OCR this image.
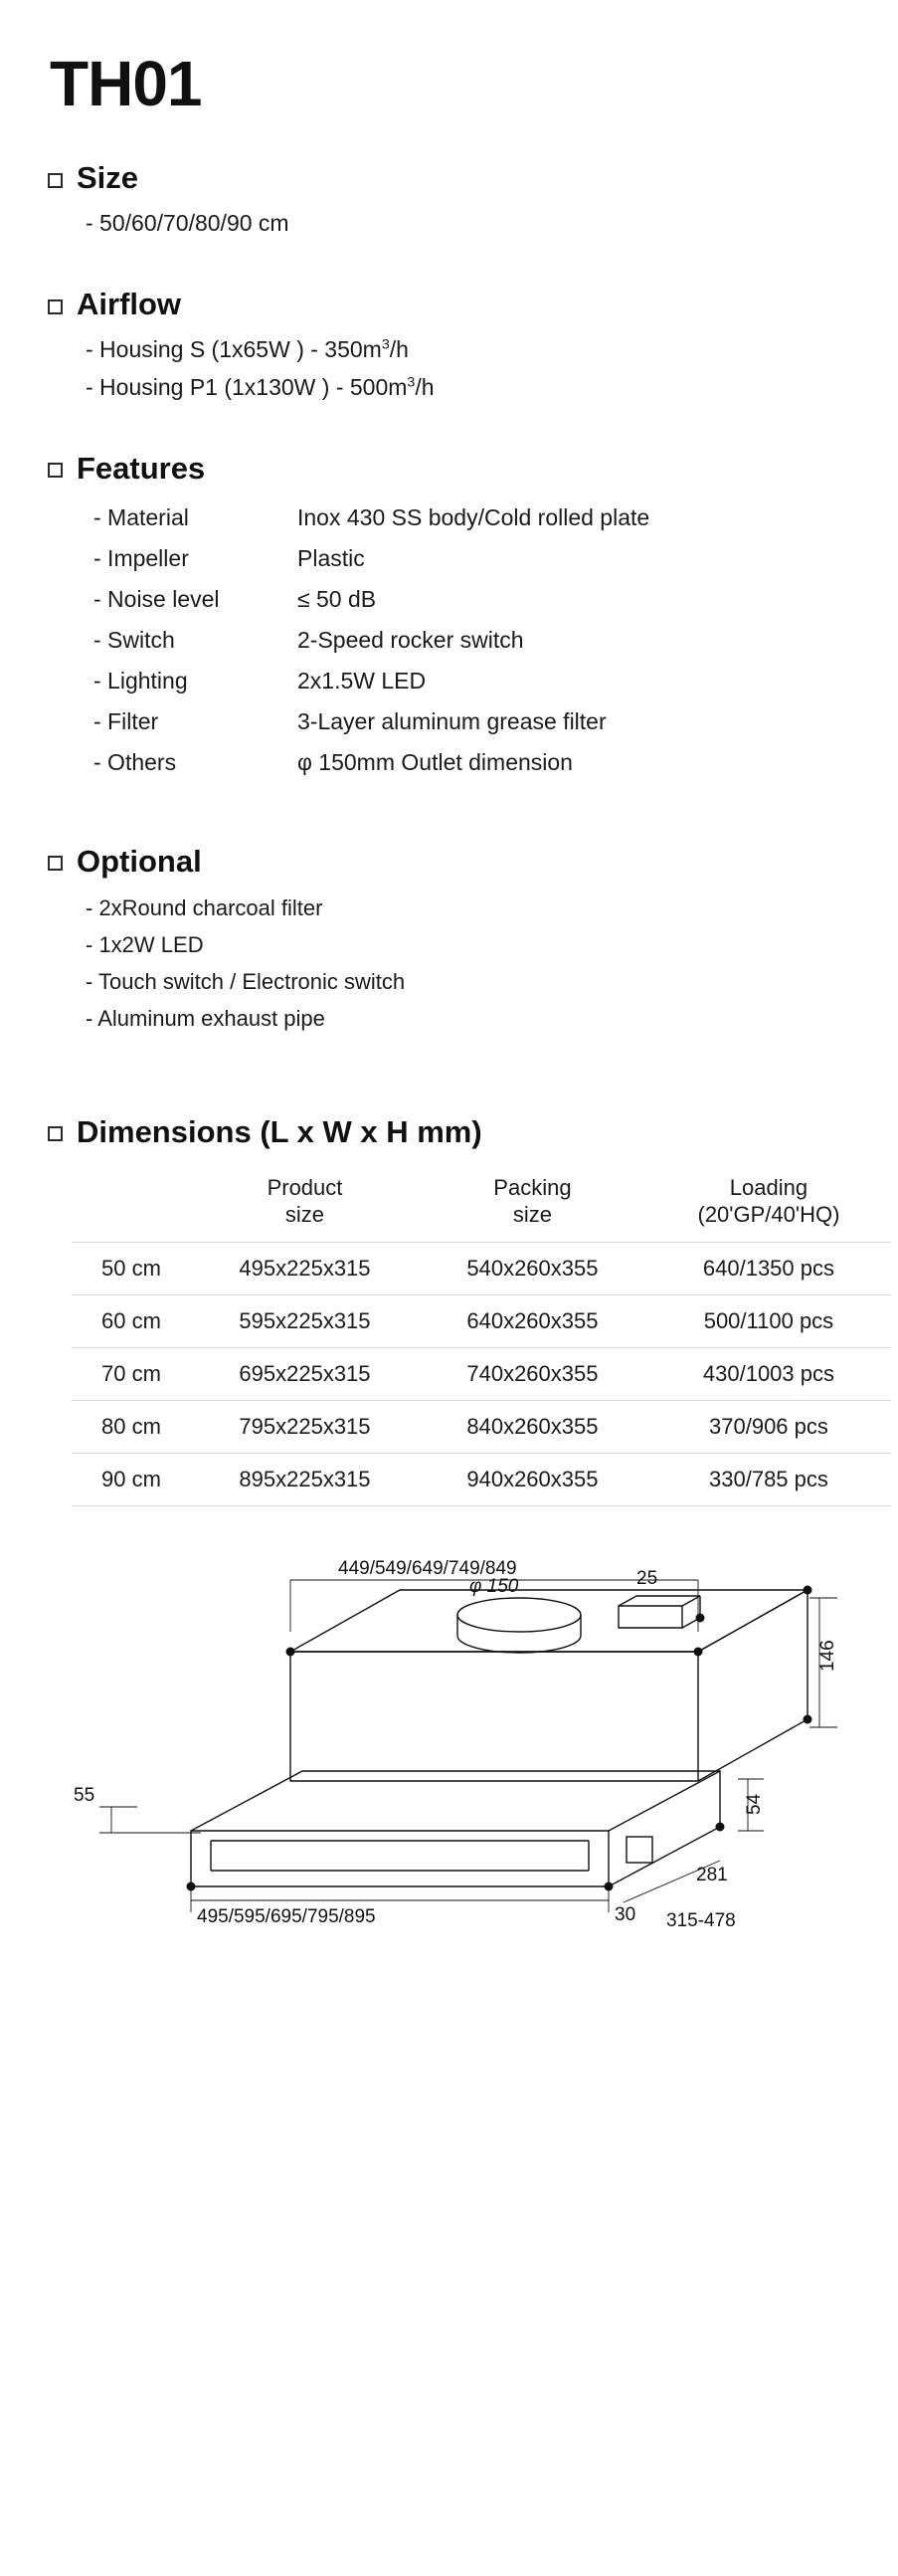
TH01
Size
- 50/60/70/80/90 cm
Airflow
- Housing S (1x65W ) - $350m^3/h$
- Housing P1 (1x130W ) - $500m^3/h$
Features
- Material	Inox 430 SS body/Cold rolled plate
- Impeller	Plastic
- Noise level	≤ 50 dB
- Switch	2-Speed rocker switch
- Lighting	2x1.5W LED
- Filter	3-Layer aluminum grease filter
- Others	φ 150mm Outlet dimension
Optional
- 2xRound charcoal filter
- 1x2W LED
- Touch switch / Electronic switch
- Aluminum exhaust pipe
Dimensions (L x W x H mm)

Product
size

Packing
size

Loading
(20'GP/40'HQ)

50 cm	495x225x315	540x260x355	640/1350 pcs
60 cm	595x225x315	640x260x355	500/1100 pcs
70 cm	695x225x315	740x260x355	430/1003 pcs
80 cm	795x225x315	840x260x355	370/906 pcs
90 cm	895x225x315	940x260x355	330/785 pcs
449/549/649/749/849
φ 150	25
146
54
55
495/595/695/795/895	30
281
315-478
